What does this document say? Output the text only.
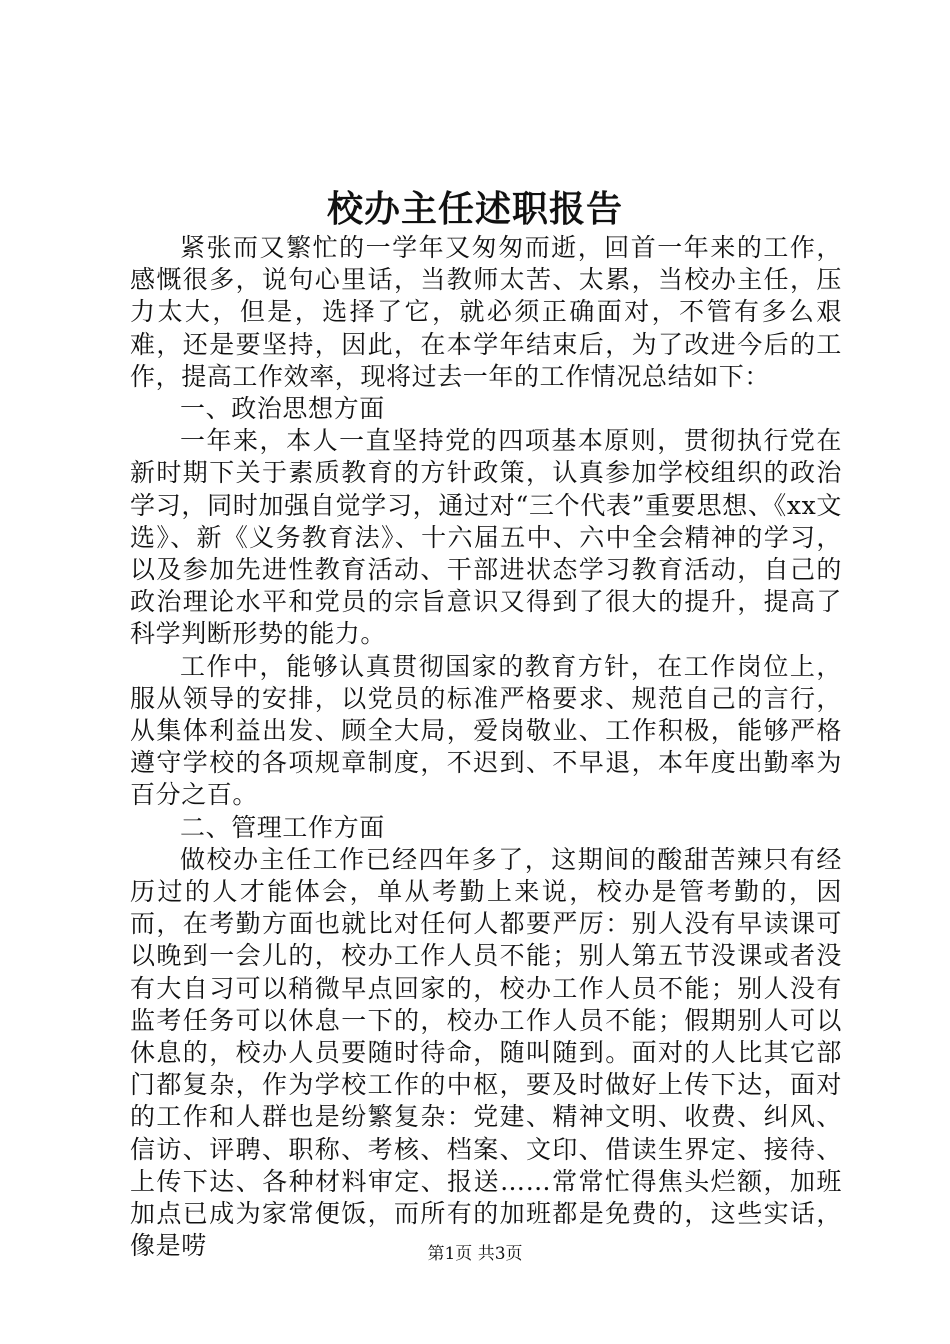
校办主任述职报告

紧张而又繁忙的一学年又匆匆而逝，回首一年来的工作，感慨很多，说句心里话，当教师太苦、太累，当校办主任，压力太大，但是，选择了它，就必须正确面对，不管有多么艰难，还是要坚持，因此，在本学年结束后，为了改进今后的工作，提高工作效率，现将过去一年的工作情况总结如下：

一、政治思想方面

一年来，本人一直坚持党的四项基本原则，贯彻执行党在新时期下关于素质教育的方针政策，认真参加学校组织的政治学习，同时加强自觉学习，通过对“三个代表”重要思想、《xx文选》、新《义务教育法》、十六届五中、六中全会精神的学习，以及参加先进性教育活动、干部进状态学习教育活动，自己的政治理论水平和党员的宗旨意识又得到了很大的提升，提高了科学判断形势的能力。

工作中，能够认真贯彻国家的教育方针，在工作岗位上，服从领导的安排，以党员的标准严格要求、规范自己的言行，从集体利益出发、顾全大局，爱岗敬业、工作积极，能够严格遵守学校的各项规章制度，不迟到、不早退，本年度出勤率为百分之百。

二、管理工作方面

做校办主任工作已经四年多了，这期间的酸甜苦辣只有经历过的人才能体会，单从考勤上来说，校办是管考勤的，因而，在考勤方面也就比对任何人都要严厉：别人没有早读课可以晚到一会儿的，校办工作人员不能；别人第五节没课或者没有大自习可以稍微早点回家的，校办工作人员不能；别人没有监考任务可以休息一下的，校办工作人员不能；假期别人可以休息的，校办人员要随时待命，随叫随到。面对的人比其它部门都复杂，作为学校工作的中枢，要及时做好上传下达，面对的工作和人群也是纷繁复杂：党建、精神文明、收费、纠风、信访、评聘、职称、考核、档案、文印、借读生界定、接待、上传下达、各种材料审定、报送……常常忙得焦头烂额，加班加点已成为家常便饭，而所有的加班都是免费的，这些实话，像是唠	第1页 共3页
